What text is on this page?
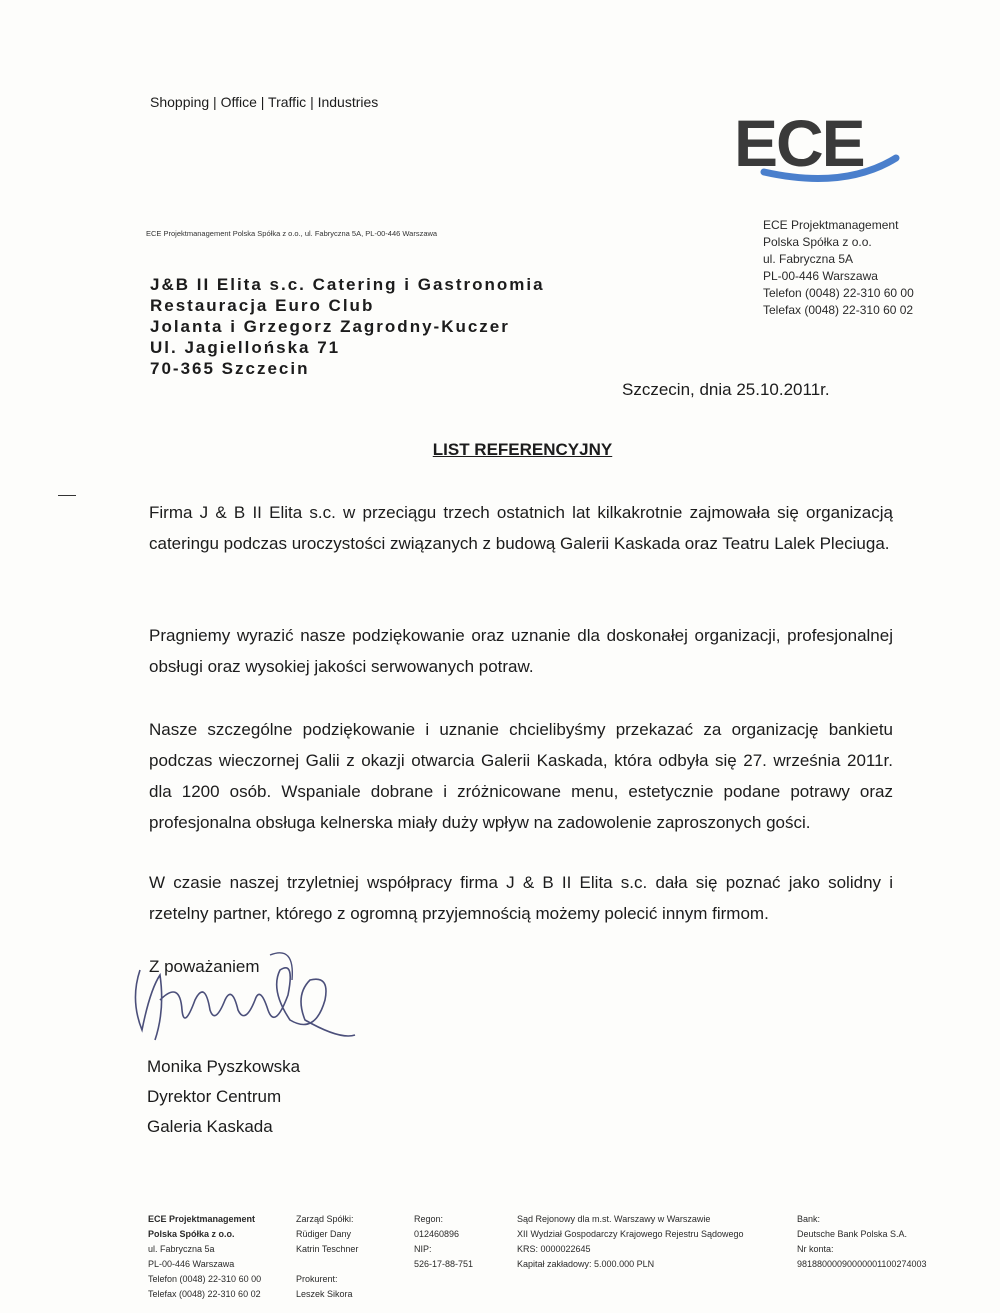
Shopping | Office | Traffic | Industries
ECE
ECE Projektmanagement Polska Spółka z o.o., ul. Fabryczna 5A, PL-00-446 Warszawa
ECE Projektmanagement
Polska Spółka z o.o.
ul. Fabryczna 5A
PL-00-446 Warszawa
Telefon (0048) 22-310 60 00
Telefax (0048) 22-310 60 02
J&B II Elita s.c. Catering i Gastronomia
Restauracja Euro Club
Jolanta i Grzegorz Zagrodny-Kuczer
Ul. Jagiellońska 71
70-365 Szczecin
Szczecin, dnia 25.10.2011r.
LIST REFERENCYJNY
Firma J & B II Elita s.c. w przeciągu trzech ostatnich lat kilkakrotnie zajmowała się organizacją cateringu podczas uroczystości związanych z budową Galerii Kaskada oraz Teatru Lalek Pleciuga.
Pragniemy wyrazić nasze podziękowanie oraz uznanie dla doskonałej organizacji, profesjonalnej obsługi oraz wysokiej jakości serwowanych potraw.
Nasze szczególne podziękowanie i uznanie chcielibyśmy przekazać za organizację bankietu podczas wieczornej Galii z okazji otwarcia Galerii Kaskada, która odbyła się 27. września 2011r. dla 1200 osób. Wspaniale dobrane i zróżnicowane menu, estetycznie podane potrawy oraz profesjonalna obsługa kelnerska miały duży wpływ na zadowolenie zaproszonych gości.
W czasie naszej trzyletniej współpracy firma J & B II Elita s.c. dała się poznać jako solidny i rzetelny partner, którego z ogromną przyjemnością możemy polecić innym firmom.
Z poważaniem
Monika Pyszkowska
Dyrektor Centrum
Galeria Kaskada
ECE Projektmanagement
Polska Spółka z o.o.
ul. Fabryczna 5a
PL-00-446 Warszawa
Telefon (0048) 22-310 60 00
Telefax (0048) 22-310 60 02
Zarząd Spółki:
Rüdiger Dany
Katrin Teschner

Prokurent:
Leszek Sikora
Regon:
012460896
NIP:
526-17-88-751
Sąd Rejonowy dla m.st. Warszawy w Warszawie
XII Wydział Gospodarczy Krajowego Rejestru Sądowego
KRS: 0000022645
Kapitał zakładowy: 5.000.000 PLN
Bank:
Deutsche Bank Polska S.A.
Nr konta:
98188000090000001100274003
